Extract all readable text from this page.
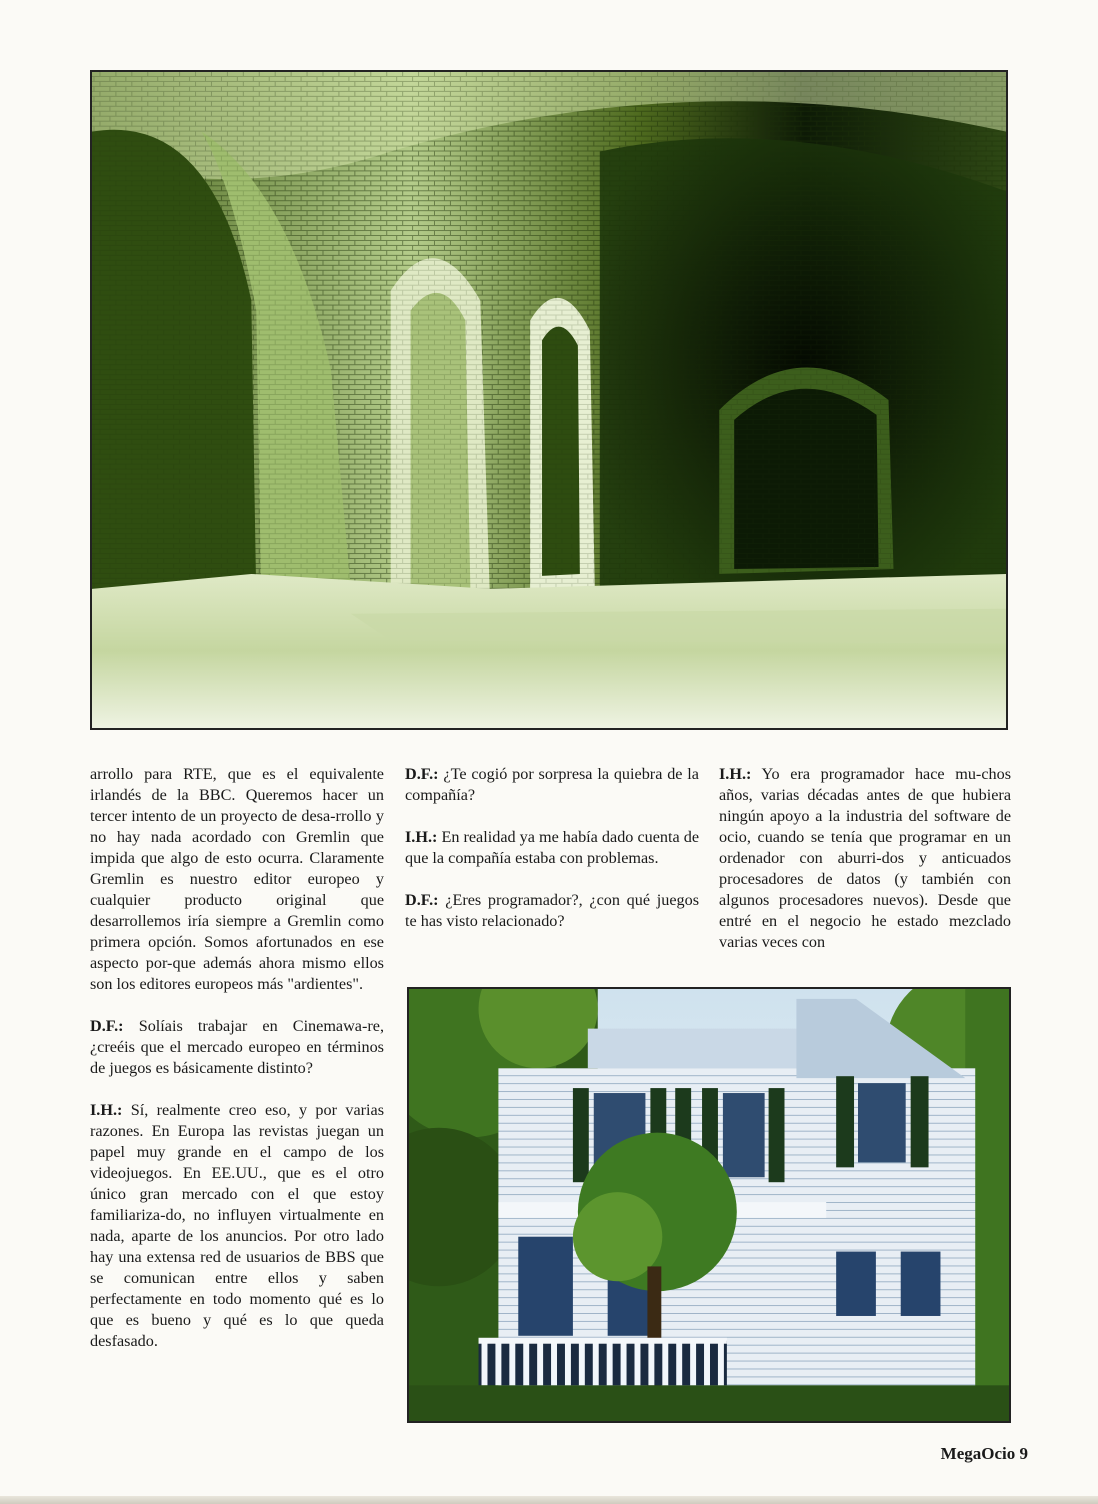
arrollo para RTE, que es el equivalente irlandés de la BBC. Queremos hacer un tercer intento de un proyecto de desa-rrollo y no hay nada acordado con Gremlin que impida que algo de esto ocurra. Claramente Gremlin es nuestro editor europeo y cualquier producto original que desarrollemos iría siempre a Gremlin como primera opción. Somos afortunados en ese aspecto por-que además ahora mismo ellos son los editores europeos más "ardientes".

D.F.: Solíais trabajar en Cinemawa-re, ¿creéis que el mercado europeo en términos de juegos es básicamente distinto?

I.H.: Sí, realmente creo eso, y por varias razones. En Europa las revistas juegan un papel muy grande en el campo de los videojuegos. En EE.UU., que es el otro único gran mercado con el que estoy familiariza-do, no influyen virtualmente en nada, aparte de los anuncios. Por otro lado hay una extensa red de usuarios de BBS que se comunican entre ellos y saben perfectamente en todo momento qué es lo que es bueno y qué es lo que queda desfasado.

D.F.: ¿Te cogió por sorpresa la quiebra de la compañía?

I.H.: En realidad ya me había dado cuenta de que la compañía estaba con problemas.

D.F.: ¿Eres programador?, ¿con qué juegos te has visto relacionado?

I.H.: Yo era programador hace mu-chos años, varias décadas antes de que hubiera ningún apoyo a la industria del software de ocio, cuando se tenía que programar en un ordenador con aburri-dos y anticuados procesadores de datos (y también con algunos procesadores nuevos). Desde que entré en el negocio he estado mezclado varias veces con

MegaOcio 9
